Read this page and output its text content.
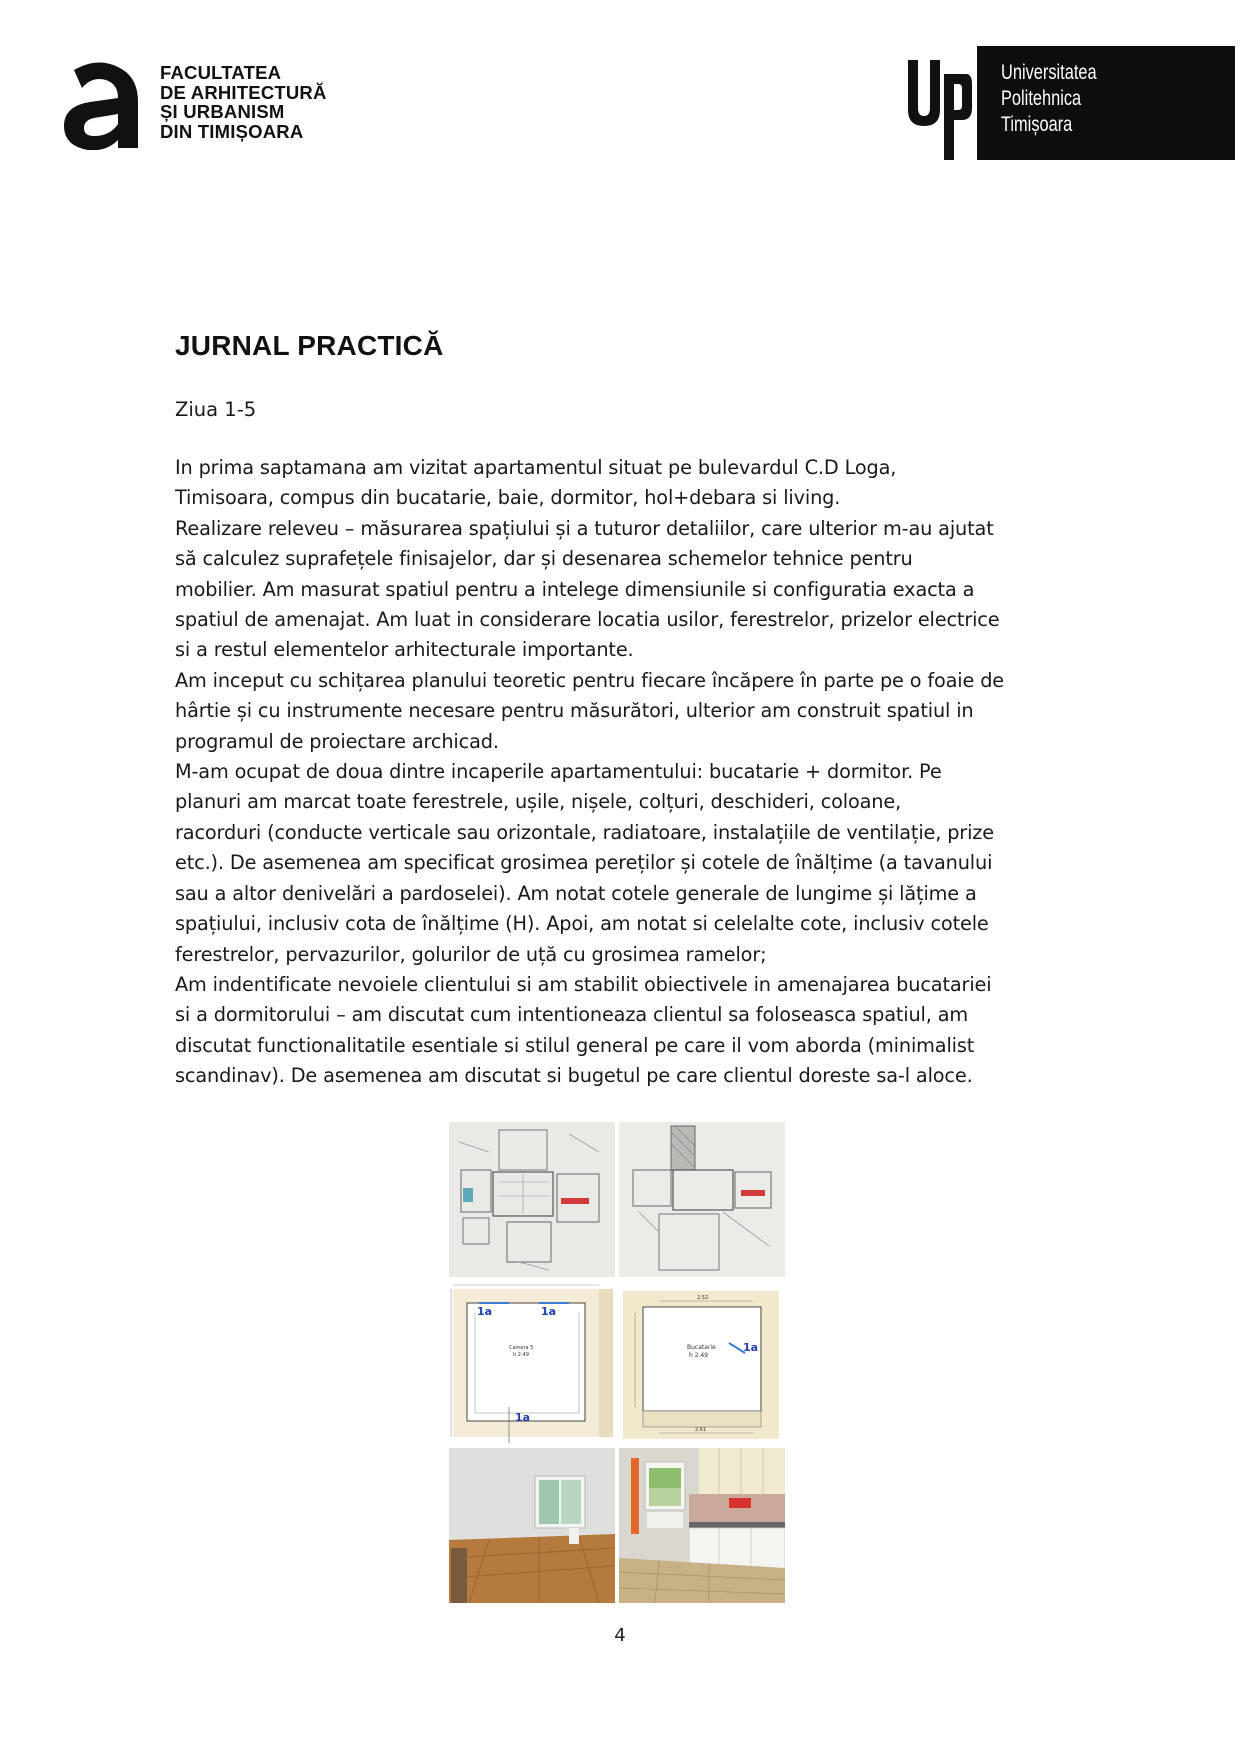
FACULTATEA
DE ARHITECTURĂ
ȘI URBANISM
DIN TIMIȘOARA
Universitatea
Politehnica
Timișoara
JURNAL PRACTICĂ

Ziua 1-5

In prima saptamana am vizitat apartamentul situat pe bulevardul C.D Loga,
Timisoara, compus din bucatarie, baie, dormitor, hol+debara si living.
Realizare releveu – măsurarea spațiului și a tuturor detaliilor, care ulterior m-au ajutat
să calculez suprafețele finisajelor, dar și desenarea schemelor tehnice pentru
mobilier. Am masurat spatiul pentru a intelege dimensiunile si configuratia exacta a
spatiul de amenajat. Am luat in considerare locatia usilor, ferestrelor, prizelor electrice
si a restul elementelor arhitecturale importante.
Am inceput cu schițarea planului teoretic pentru fiecare încăpere în parte pe o foaie de
hârtie și cu instrumente necesare pentru măsurători, ulterior am construit spatiul in
programul de proiectare archicad.
M-am ocupat de doua dintre incaperile apartamentului: bucatarie + dormitor. Pe
planuri am marcat toate ferestrele, ușile, nișele, colțuri, deschideri, coloane,
racorduri (conducte verticale sau orizontale, radiatoare, instalațiile de ventilație, prize
etc.). De asemenea am specificat grosimea pereților și cotele de înălțime (a tavanului
sau a altor denivelări a pardoselei). Am notat cotele generale de lungime și lățime a
spațiului, inclusiv cota de înălțime (H). Apoi, am notat si celelalte cote, inclusiv cotele
ferestrelor, pervazurilor, golurilor de uță cu grosimea ramelor;
Am indentificate nevoiele clientului si am stabilit obiectivele in amenajarea bucatariei
si a dormitorului – am discutat cum intentioneaza clientul sa foloseasca spatiul, am
discutat functionalitatile esentiale si stilul general pe care il vom aborda (minimalist
scandinav). De asemenea am discutat si bugetul pe care clientul doreste sa-l aloce.
1a	1a
1a
Camera 5
h 2.49
2.52
2.61
1a
Bucatarie
h 2.49
4
